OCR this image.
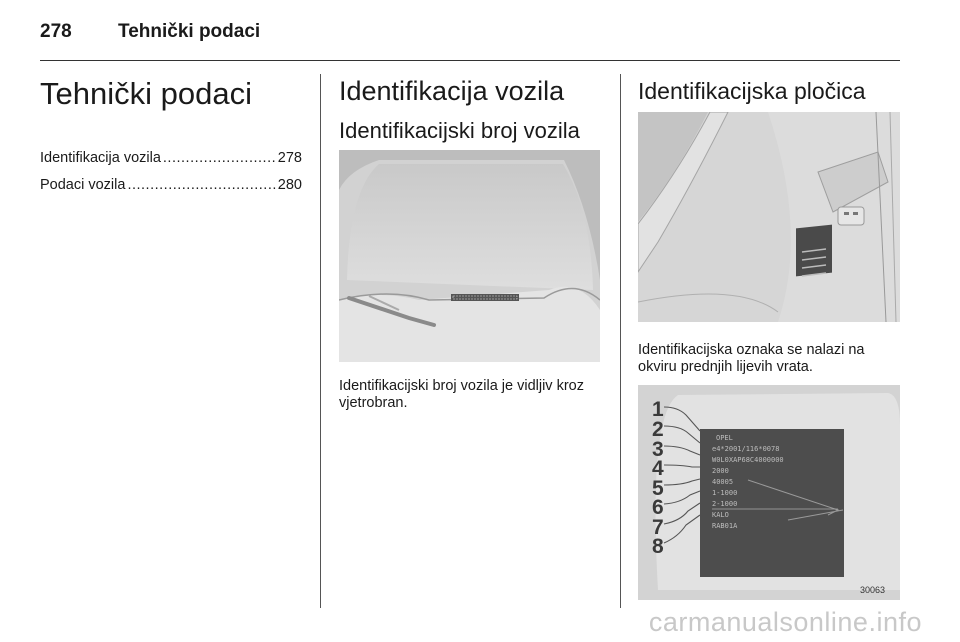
278 Tehnički podaci
Tehnički podaci
Identifikacija vozila .....	278
Podaci vozila .....	280
Identifikacija vozila
Identifikacijski broj vozila
Identifikacijski broj vozila je vidljiv kroz vjetrobran.
Identifikacijska pločica
Identifikacijska oznaka se nalazi na okviru prednjih lijevih vrata.
OPEL
e4*2001/116*0078
W0L0XAP68C4000000
2000
40005
1-1000
2-1000
KALO
RAB01A
1
2
3
4
5
6
7
8
30063
carmanualsonline.info
